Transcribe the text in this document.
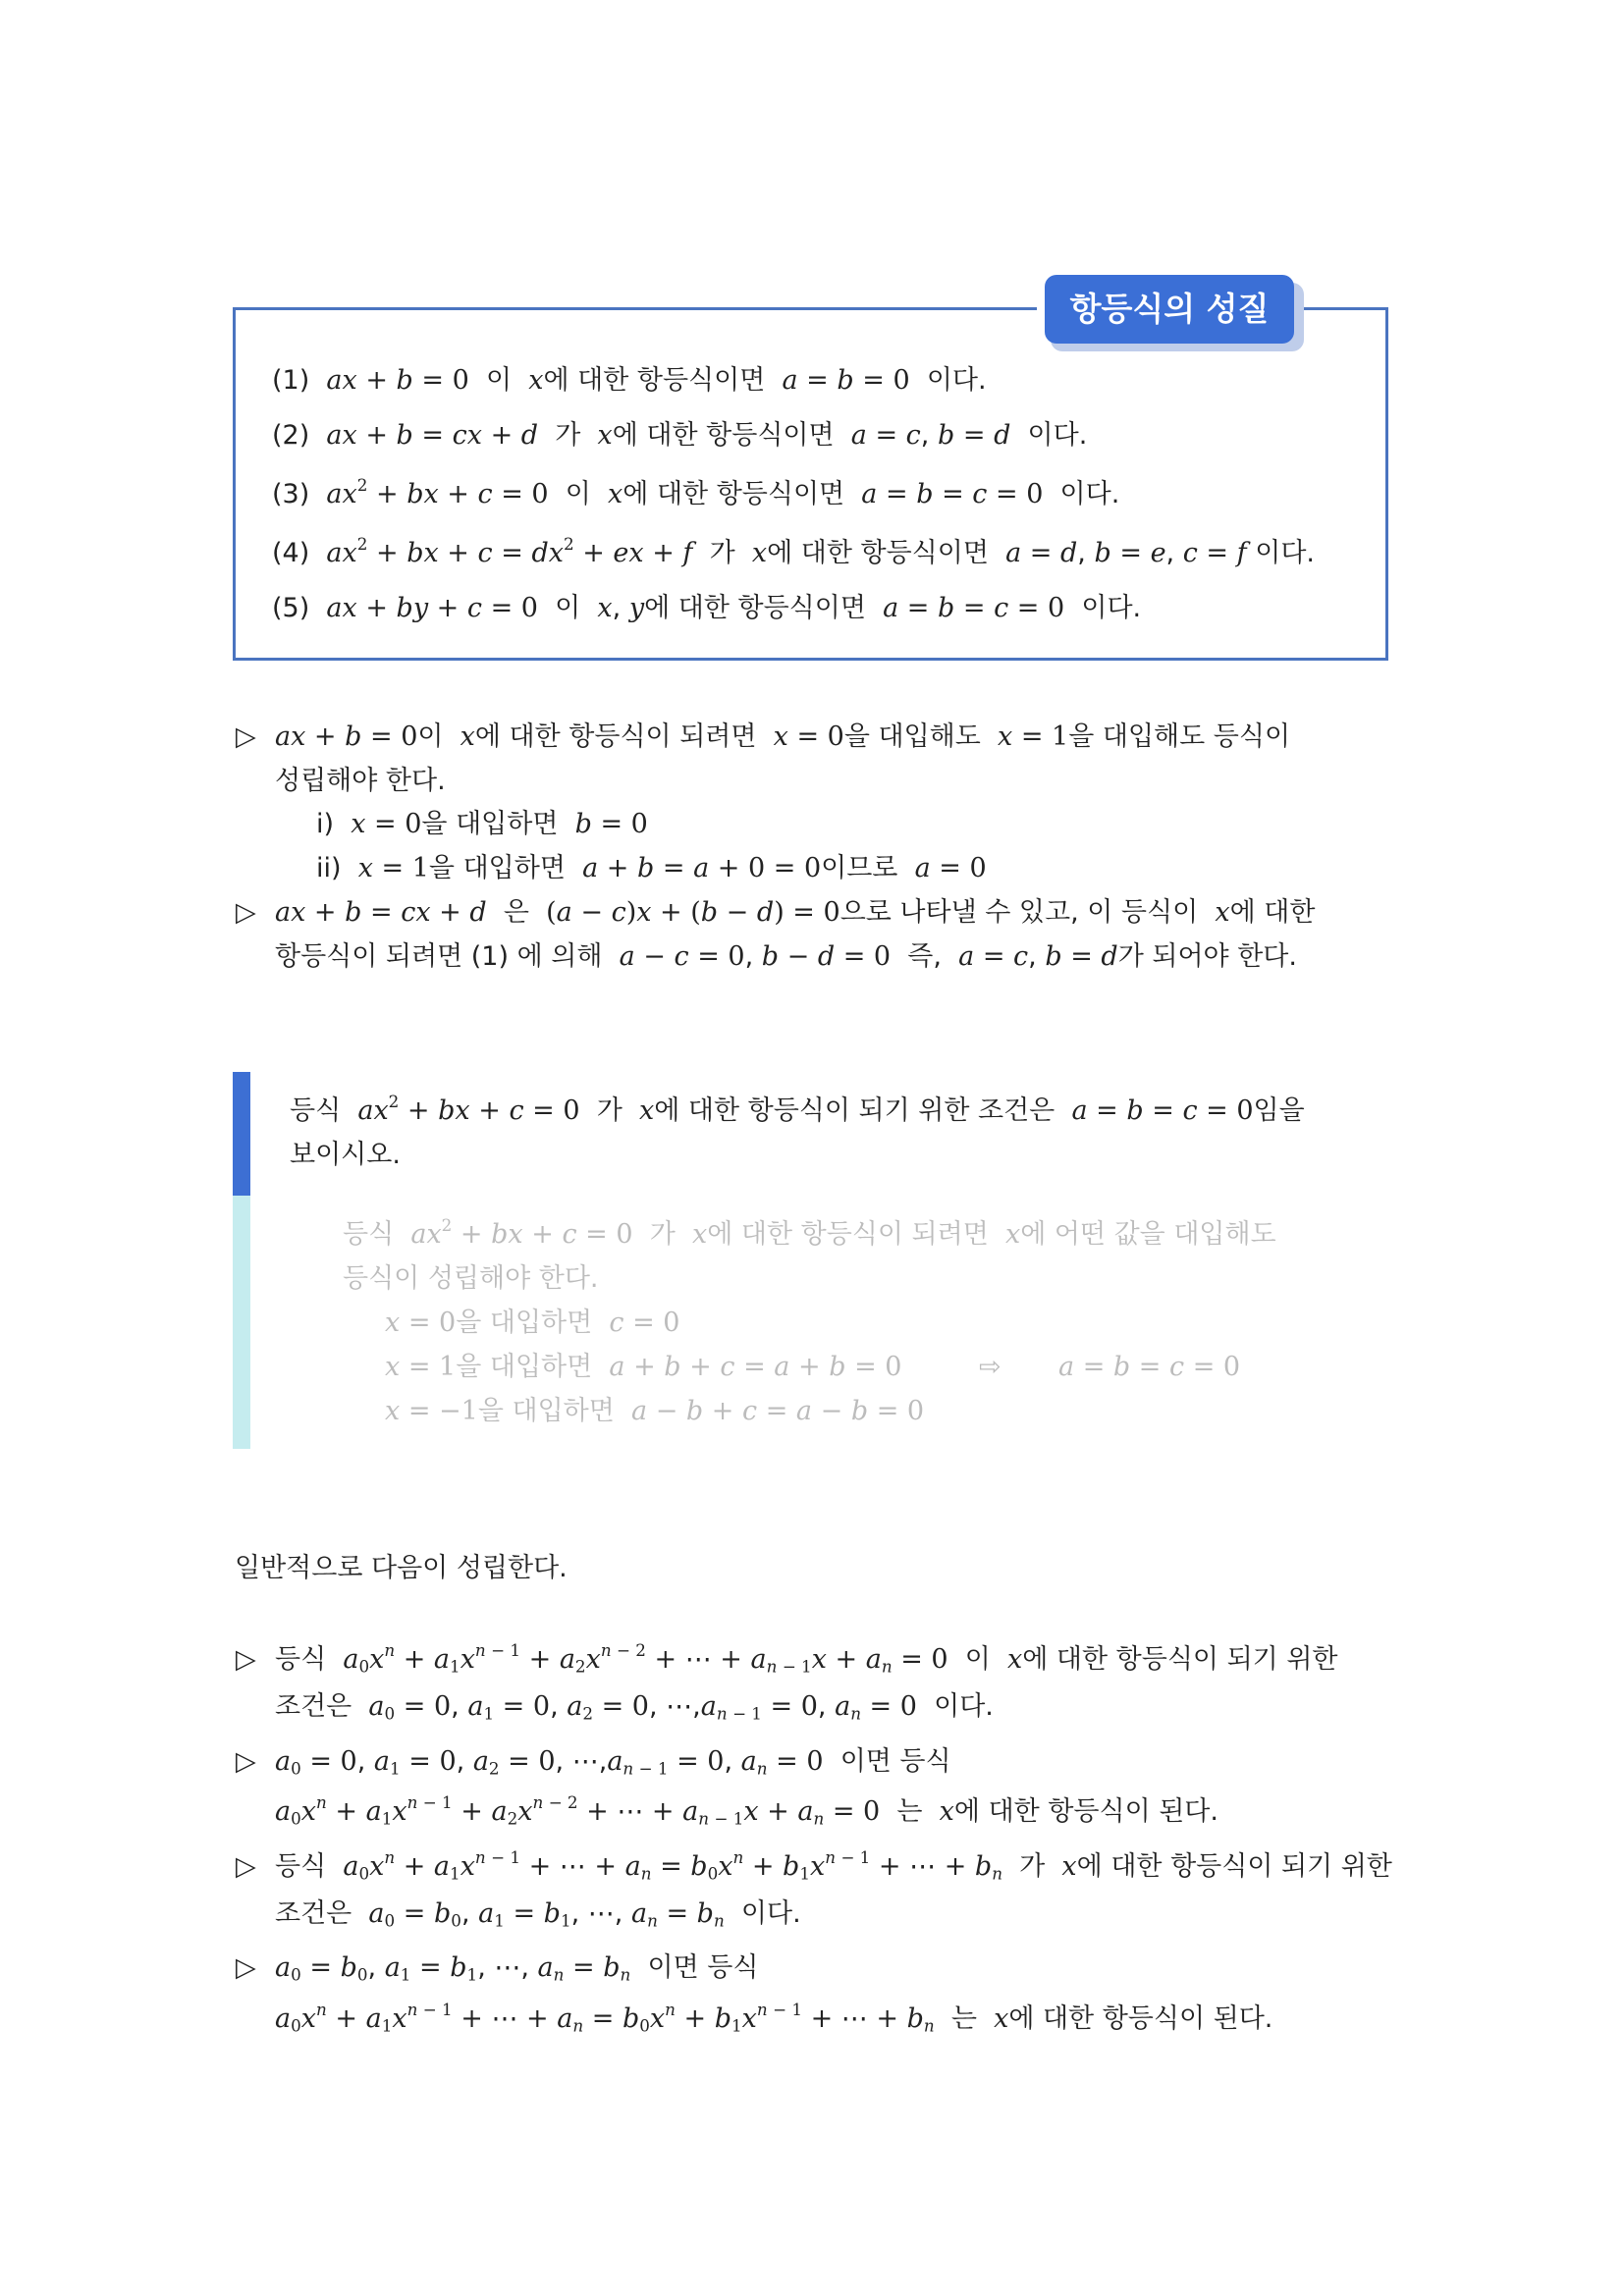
항등식의 성질
(1) ax + b = 0 이 x에 대한 항등식이면 a = b = 0 이다.
(2) ax + b = cx + d 가 x에 대한 항등식이면 a = c, b = d 이다.
(3) $ax^2$ + bx + c = 0 이 x에 대한 항등식이면 a = b = c = 0 이다.
(4) $ax^2$ + bx + $c = dx^2$ + ex + f 가 x에 대한 항등식이면 a = d, b = e, c = f 이다.
(5) ax + by + c = 0 이 x, y에 대한 항등식이면 a = b = c = 0 이다.
▷ ax + b = 0이 x에 대한 항등식이 되려면 x = 0을 대입해도 x = 1을 대입해도 등식이
성립해야 한다.
i) x = 0을 대입하면 b = 0
ii) x = 1을 대입하면 a + b = a + 0 = 0이므로 a = 0
▷ ax + b = cx + d 은 (a − c)x + (b − d) = 0으로 나타낼 수 있고, 이 등식이 x에 대한
항등식이 되려면 (1) 에 의해 a − c = 0, b − d = 0 즉, a = c, b = d가 되어야 한다.
등식 $ax^2$ + bx + c = 0 가 x에 대한 항등식이 되기 위한 조건은 a = b = c = 0임을
보이시오.
등식 $ax^2$ + bx + c = 0 가 x에 대한 항등식이 되려면 x에 어떤 값을 대입해도
등식이 성립해야 한다.
x = 0을 대입하면 c = 0
x = 1을 대입하면 a + b + c = a + b = 0	⇨ a = b = c = 0
x = −1을 대입하면 a − b + c = a − b = 0
일반적으로 다음이 성립한다.
▷ 등식 $a_0x^n + a_1x^{n - 1} + a_2x^{n - 2}$ + ⋯ + $a_{n - 1}x + a_n = 0$ 이 x에 대한 항등식이 되기 위한
조건은 $a_0 = 0$, $a_1 = 0$, $a_2 = 0$, $\cdots,a_{n - 1} = 0$, $a_n = 0$ 이다.
▷ $a_0 = 0$, $a_1 = 0$, $a_2 = 0$, $\cdots,a_{n - 1} = 0$, $a_n = 0$ 이면 등식
$a_0x^n + a_1x^{n - 1} + a_2x^{n - 2}$ + ⋯ + $a_{n - 1}x + a_n = 0$ 는 x에 대한 항등식이 된다.
▷ 등식 $a_0x^n + a_1x^{n - 1}$ + ⋯ + $a_n = b_0x^n + b_1x^{n - 1}$ + ⋯ + $b_n$ 가 x에 대한 항등식이 되기 위한
조건은 $a_0 = b_0$, $a_1 = b_1$, ⋯, $a_n = b_n$ 이다.
▷ $a_0 = b_0$, $a_1 = b_1$, ⋯, $a_n = b_n$ 이면 등식
$a_0x^n + a_1x^{n - 1}$ + ⋯ + $a_n = b_0x^n + b_1x^{n - 1}$ + ⋯ + $b_n$ 는 x에 대한 항등식이 된다.
